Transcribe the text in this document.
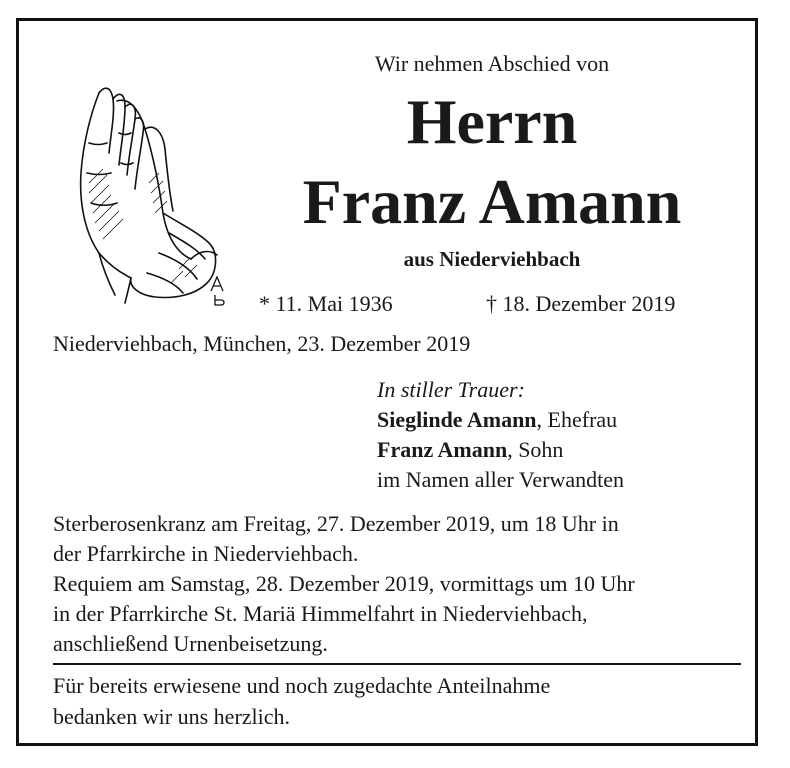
Wir nehmen Abschied von
Herrn
Franz Amann
aus Niederviehbach
* 11. Mai 1936	† 18. Dezember 2019
Niederviehbach, München, 23. Dezember 2019
In stiller Trauer:
Sieglinde Amann, Ehefrau
Franz Amann, Sohn
im Namen aller Verwandten
Sterberosenkranz am Freitag, 27. Dezember 2019, um 18 Uhr in
der Pfarrkirche in Niederviehbach.
Requiem am Samstag, 28. Dezember 2019, vormittags um 10 Uhr
in der Pfarrkirche St. Mariä Himmelfahrt in Niederviehbach,
anschließend Urnenbeisetzung.
Für bereits erwiesene und noch zugedachte Anteilnahme
bedanken wir uns herzlich.
